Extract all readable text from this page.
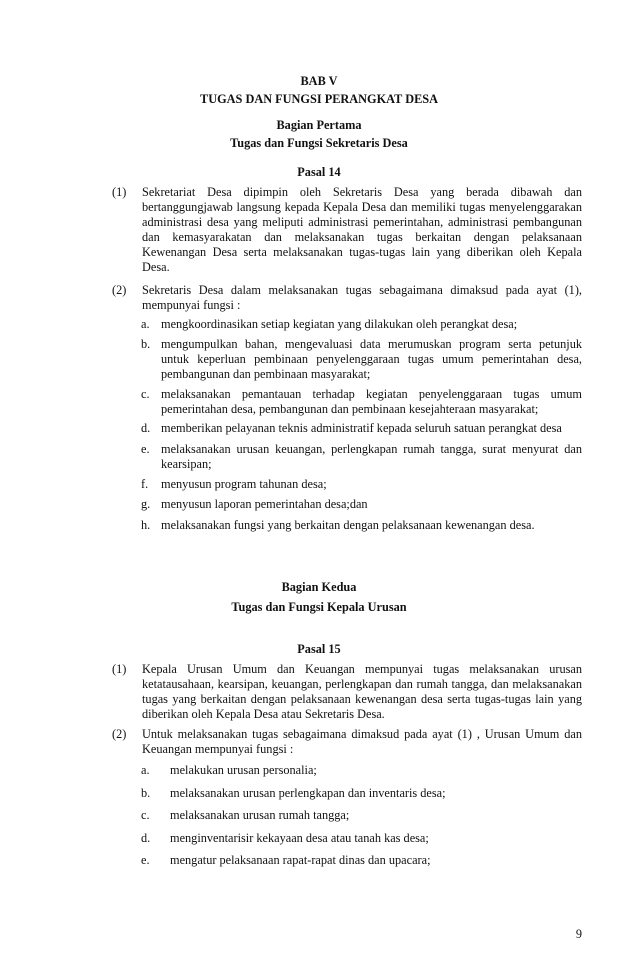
BAB V
TUGAS DAN FUNGSI PERANGKAT DESA
Bagian Pertama
Tugas dan Fungsi Sekretaris Desa
Pasal 14
(1)	Sekretariat Desa dipimpin oleh Sekretaris Desa yang berada dibawah dan bertanggungjawab langsung kepada Kepala Desa dan memiliki tugas menyelenggarakan administrasi desa yang meliputi administrasi pemerintahan, administrasi pembangunan dan kemasyarakatan dan melaksanakan tugas berkaitan dengan pelaksanaan Kewenangan Desa serta melaksanakan tugas-tugas lain yang diberikan oleh Kepala Desa.
(2)	Sekretaris Desa dalam melaksanakan tugas sebagaimana dimaksud pada ayat (1), mempunyai fungsi :
a. mengkoordinasikan setiap kegiatan yang dilakukan oleh perangkat desa;
b. mengumpulkan bahan, mengevaluasi data merumuskan program serta petunjuk untuk keperluan pembinaan penyelenggaraan tugas umum pemerintahan desa, pembangunan dan pembinaan masyarakat;
c. melaksanakan pemantauan terhadap kegiatan penyelenggaraan tugas umum pemerintahan desa, pembangunan dan pembinaan kesejahteraan masyarakat;
d. memberikan pelayanan teknis administratif kepada seluruh satuan perangkat desa
e. melaksanakan urusan keuangan, perlengkapan rumah tangga, surat menyurat dan kearsipan;
f.	menyusun program tahunan desa;
g. menyusun laporan pemerintahan desa;dan
h. melaksanakan fungsi yang berkaitan dengan pelaksanaan kewenangan desa.
Bagian Kedua
Tugas dan Fungsi Kepala Urusan
Pasal 15
(1)	Kepala Urusan Umum dan Keuangan mempunyai tugas melaksanakan urusan ketatausahaan, kearsipan, keuangan, perlengkapan dan rumah tangga, dan melaksanakan tugas yang berkaitan dengan pelaksanaan kewenangan desa serta tugas-tugas lain yang diberikan oleh Kepala Desa atau Sekretaris Desa.
(2)	Untuk melaksanakan tugas sebagaimana dimaksud pada ayat (1) , Urusan Umum dan Keuangan mempunyai fungsi :
a.	melakukan urusan personalia;
b.	melaksanakan urusan perlengkapan dan inventaris desa;
c.	melaksanakan urusan rumah tangga;
d.	menginventarisir kekayaan desa atau tanah kas desa;
e.	mengatur pelaksanaan rapat-rapat dinas dan upacara;
9
